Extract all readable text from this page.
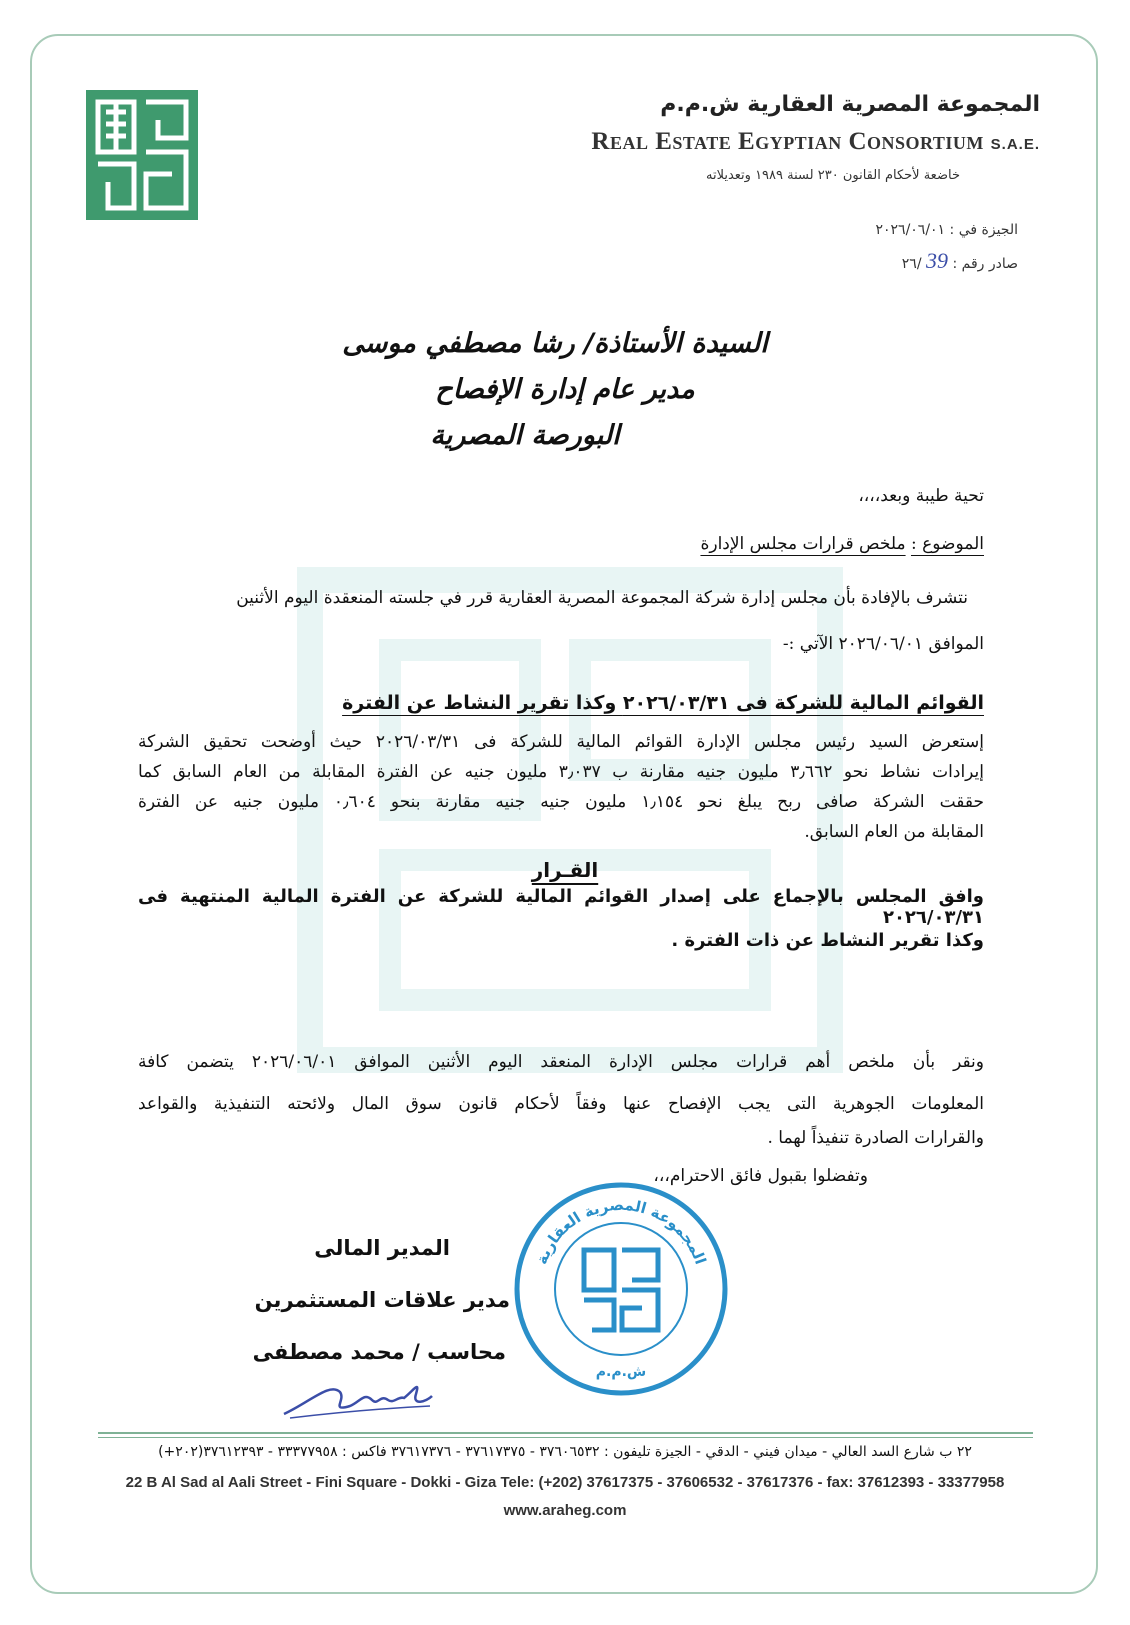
المجموعة المصرية العقارية ش.م.م
Real Estate Egyptian Consortium S.A.E.
خاضعة لأحكام القانون ٢٣٠ لسنة ١٩٨٩ وتعديلاته
الجيزة في : ٢٠٢٦/٠٦/٠١
صادر رقم : 39 /٢٦
السيدة الأستاذة/ رشا مصطفي موسى
مدير عام إدارة الإفصاح
البورصة المصرية
تحية طيبة وبعد،،،،
الموضوع : ملخص قرارات مجلس الإدارة
نتشرف بالإفادة بأن مجلس إدارة شركة المجموعة المصرية العقارية قرر في جلسته المنعقدة اليوم الأثنين
الموافق ٢٠٢٦/٠٦/٠١ الآتي :-
القوائم المالية للشركة فى ٢٠٢٦/٠٣/٣١ وكذا تقرير النشاط عن الفترة
إستعرض السيد رئيس مجلس الإدارة القوائم المالية للشركة فى ٢٠٢٦/٠٣/٣١ حيث أوضحت تحقيق الشركة
إيرادات نشاط نحو ٣٫٦٦٢ مليون جنيه مقارنة ب ٣٫٠٣٧ مليون جنيه عن الفترة المقابلة من العام السابق كما
حققت الشركة صافى ربح يبلغ نحو ١٫١٥٤ مليون جنيه جنيه مقارنة بنحو ٠٫٦٠٤ مليون جنيه عن الفترة
المقابلة من العام السابق.
القـرار
وافق المجلس بالإجماع على إصدار القوائم المالية للشركة عن الفترة المالية المنتهية فى ٢٠٢٦/٠٣/٣١
وكذا تقرير النشاط عن ذات الفترة .
ونقر بأن ملخص أهم قرارات مجلس الإدارة المنعقد اليوم الأثنين الموافق ٢٠٢٦/٠٦/٠١ يتضمن كافة
المعلومات الجوهرية التى يجب الإفصاح عنها وفقاً لأحكام قانون سوق المال ولائحته التنفيذية والقواعد
والقرارات الصادرة تنفيذاً لهما .
وتفضلوا بقبول فائق الاحترام،،،
المدير المالى
مدير علاقات المستثمرين
محاسب / محمد مصطفى
المجموعة المصرية العقارية
ش.م.م
٢٢ ب شارع السد العالي - ميدان فيني - الدقي - الجيزة تليفون : ٣٧٦٠٦٥٣٢ - ٣٧٦١٧٣٧٥ - ٣٧٦١٧٣٧٦ فاكس : ٣٣٣٧٧٩٥٨ - ٣٧٦١٢٣٩٣(٢٠٢+)
22 B Al Sad al Aali Street - Fini Square - Dokki - Giza Tele: (+202) 37617375 - 37606532 - 37617376 - fax: 37612393 - 33377958
www.araheg.com
